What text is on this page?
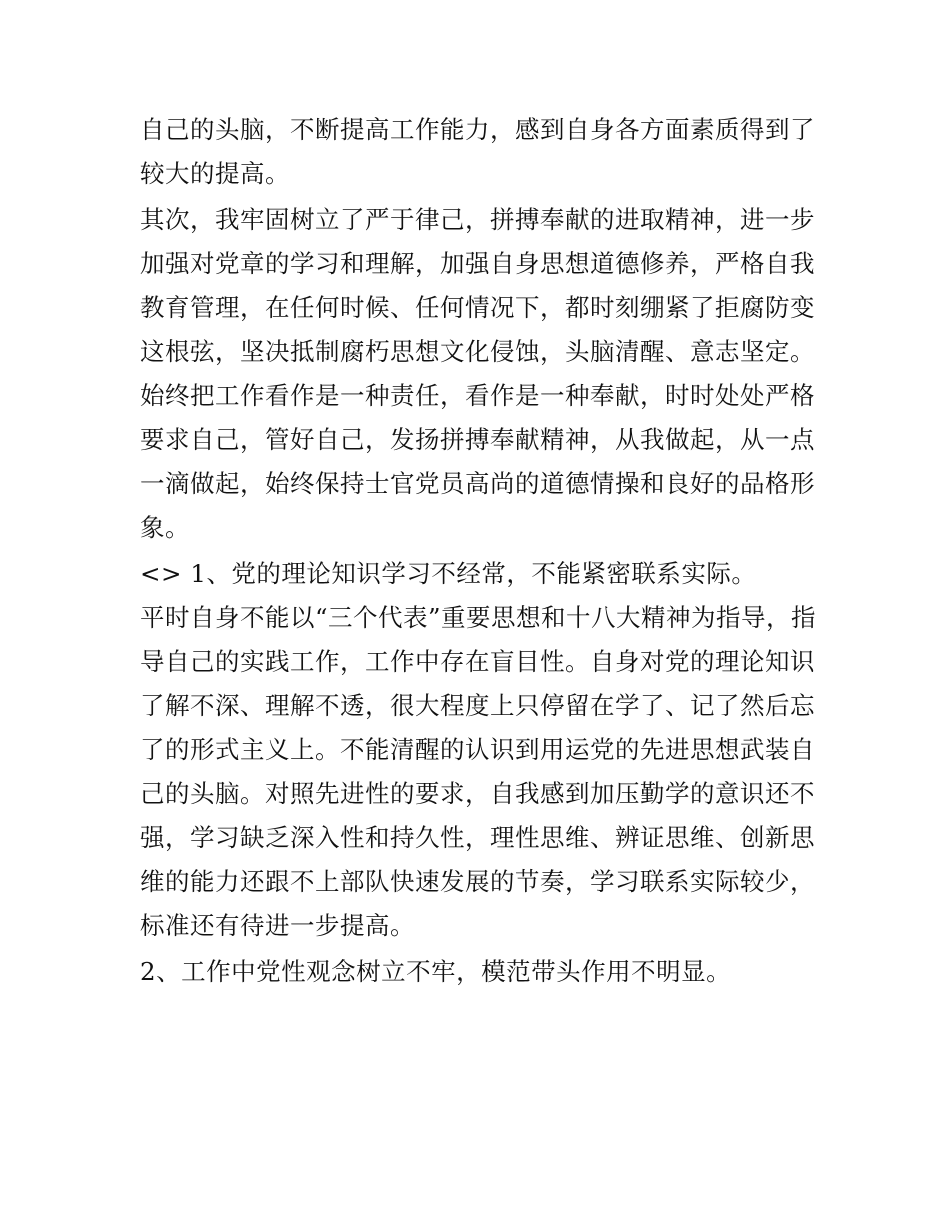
自己的头脑，不断提高工作能力，感到自身各方面素质得到了
较大的提高。
其次，我牢固树立了严于律己，拼搏奉献的进取精神，进一步
加强对党章的学习和理解，加强自身思想道德修养，严格自我
教育管理，在任何时候、任何情况下，都时刻绷紧了拒腐防变
这根弦，坚决抵制腐朽思想文化侵蚀，头脑清醒、意志坚定。
始终把工作看作是一种责任，看作是一种奉献，时时处处严格
要求自己，管好自己，发扬拼搏奉献精神，从我做起，从一点
一滴做起，始终保持士官党员高尚的道德情操和良好的品格形
象。
<> 1、党的理论知识学习不经常，不能紧密联系实际。
平时自身不能以“三个代表”重要思想和十八大精神为指导，指
导自己的实践工作，工作中存在盲目性。自身对党的理论知识
了解不深、理解不透，很大程度上只停留在学了、记了然后忘
了的形式主义上。不能清醒的认识到用运党的先进思想武装自
己的头脑。对照先进性的要求，自我感到加压勤学的意识还不
强，学习缺乏深入性和持久性，理性思维、辨证思维、创新思
维的能力还跟不上部队快速发展的节奏，学习联系实际较少，
标准还有待进一步提高。
2、工作中党性观念树立不牢，模范带头作用不明显。
